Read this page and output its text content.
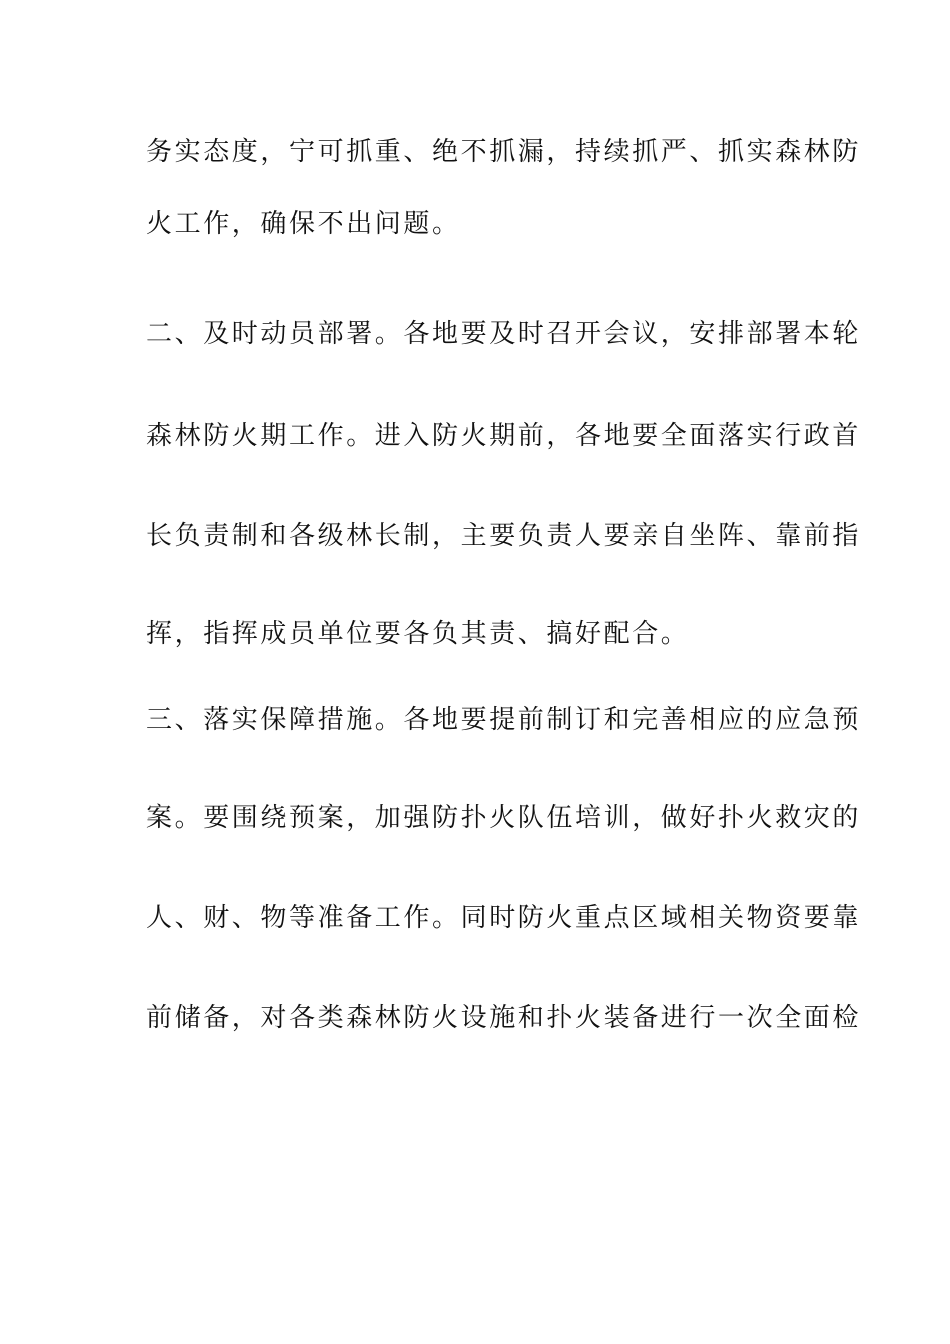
务实态度，宁可抓重、绝不抓漏，持续抓严、抓实森林防
火工作，确保不出问题。
二、及时动员部署。各地要及时召开会议，安排部署本轮
森林防火期工作。进入防火期前，各地要全面落实行政首
长负责制和各级林长制，主要负责人要亲自坐阵、靠前指
挥，指挥成员单位要各负其责、搞好配合。
三、落实保障措施。各地要提前制订和完善相应的应急预
案。要围绕预案，加强防扑火队伍培训，做好扑火救灾的
人、财、物等准备工作。同时防火重点区域相关物资要靠
前储备，对各类森林防火设施和扑火装备进行一次全面检
